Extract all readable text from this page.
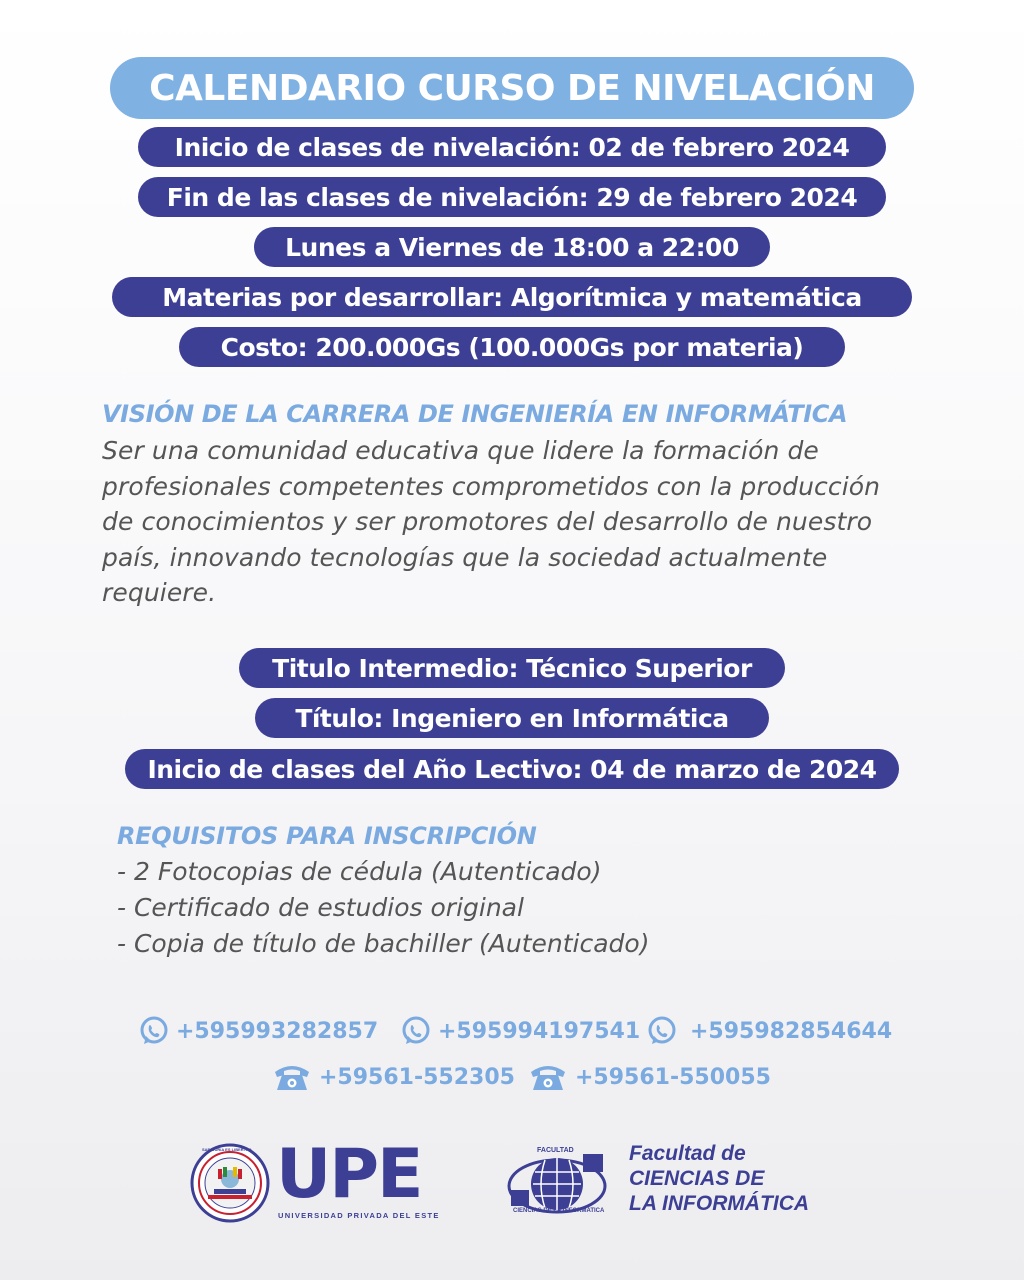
CALENDARIO CURSO DE NIVELACIÓN
Inicio de clases de nivelación: 02 de febrero 2024
Fin de las clases de nivelación: 29 de febrero 2024
Lunes a Viernes de 18:00 a 22:00
Materias por desarrollar: Algorítmica y matemática
Costo: 200.000Gs (100.000Gs por materia)
VISIÓN DE LA CARRERA DE INGENIERÍA EN INFORMÁTICA
Ser una comunidad educativa que lidere la formación de profesionales competentes comprometidos con la producción de conocimientos y ser promotores del desarrollo de nuestro país, innovando tecnologías que la sociedad actualmente requiere.
Titulo Intermedio: Técnico Superior
Título: Ingeniero en Informática
Inicio de clases del Año Lectivo: 04 de marzo de 2024
REQUISITOS PARA INSCRIPCIÓN
- 2 Fotocopias de cédula (Autenticado)
- Certificado de estudios original
- Copia de título de bachiller (Autenticado)
+595993282857	+595994197541 +595982854644
+59561-552305	+59561-550055
SABIDURIA ES LIBERTAD UPE
UNIVERSIDAD PRIVADA DEL ESTE
FACULTAD
CIENCIAS DE LA INFORMATICA
Facultad de
CIENCIAS DE
LA INFORMÁTICA
